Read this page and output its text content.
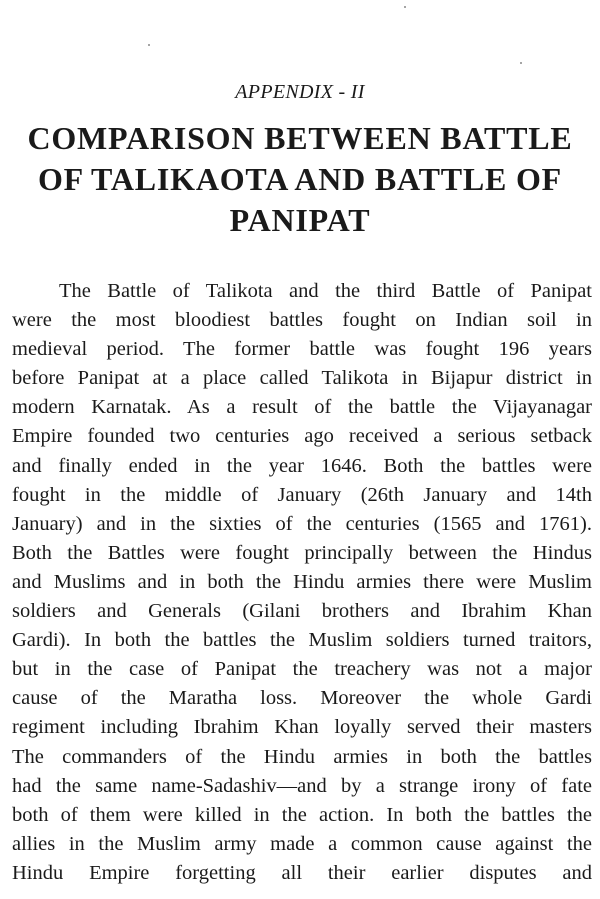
APPENDIX - II
COMPARISON BETWEEN BATTLE
OF TALIKAOTA AND BATTLE OF
PANIPAT
The Battle of Talikota and the third Battle of Panipat
were the most bloodiest battles fought on Indian soil in
medieval period. The former battle was fought 196 years
before Panipat at a place called Talikota in Bijapur district in
modern Karnatak. As a result of the battle the Vijayanagar
Empire founded two centuries ago received a serious setback
and finally ended in the year 1646. Both the battles were
fought in the middle of January (26th January and 14th
January) and in the sixties of the centuries (1565 and 1761).
Both the Battles were fought principally between the Hindus
and Muslims and in both the Hindu armies there were Muslim
soldiers and Generals (Gilani brothers and Ibrahim Khan
Gardi). In both the battles the Muslim soldiers turned traitors,
but in the case of Panipat the treachery was not a major
cause of the Maratha loss. Moreover the whole Gardi
regiment including Ibrahim Khan loyally served their masters
The commanders of the Hindu armies in both the battles
had the same name-Sadashiv—and by a strange irony of fate
both of them were killed in the action. In both the battles the
allies in the Muslim army made a common cause against the
Hindu Empire forgetting all their earlier disputes and
